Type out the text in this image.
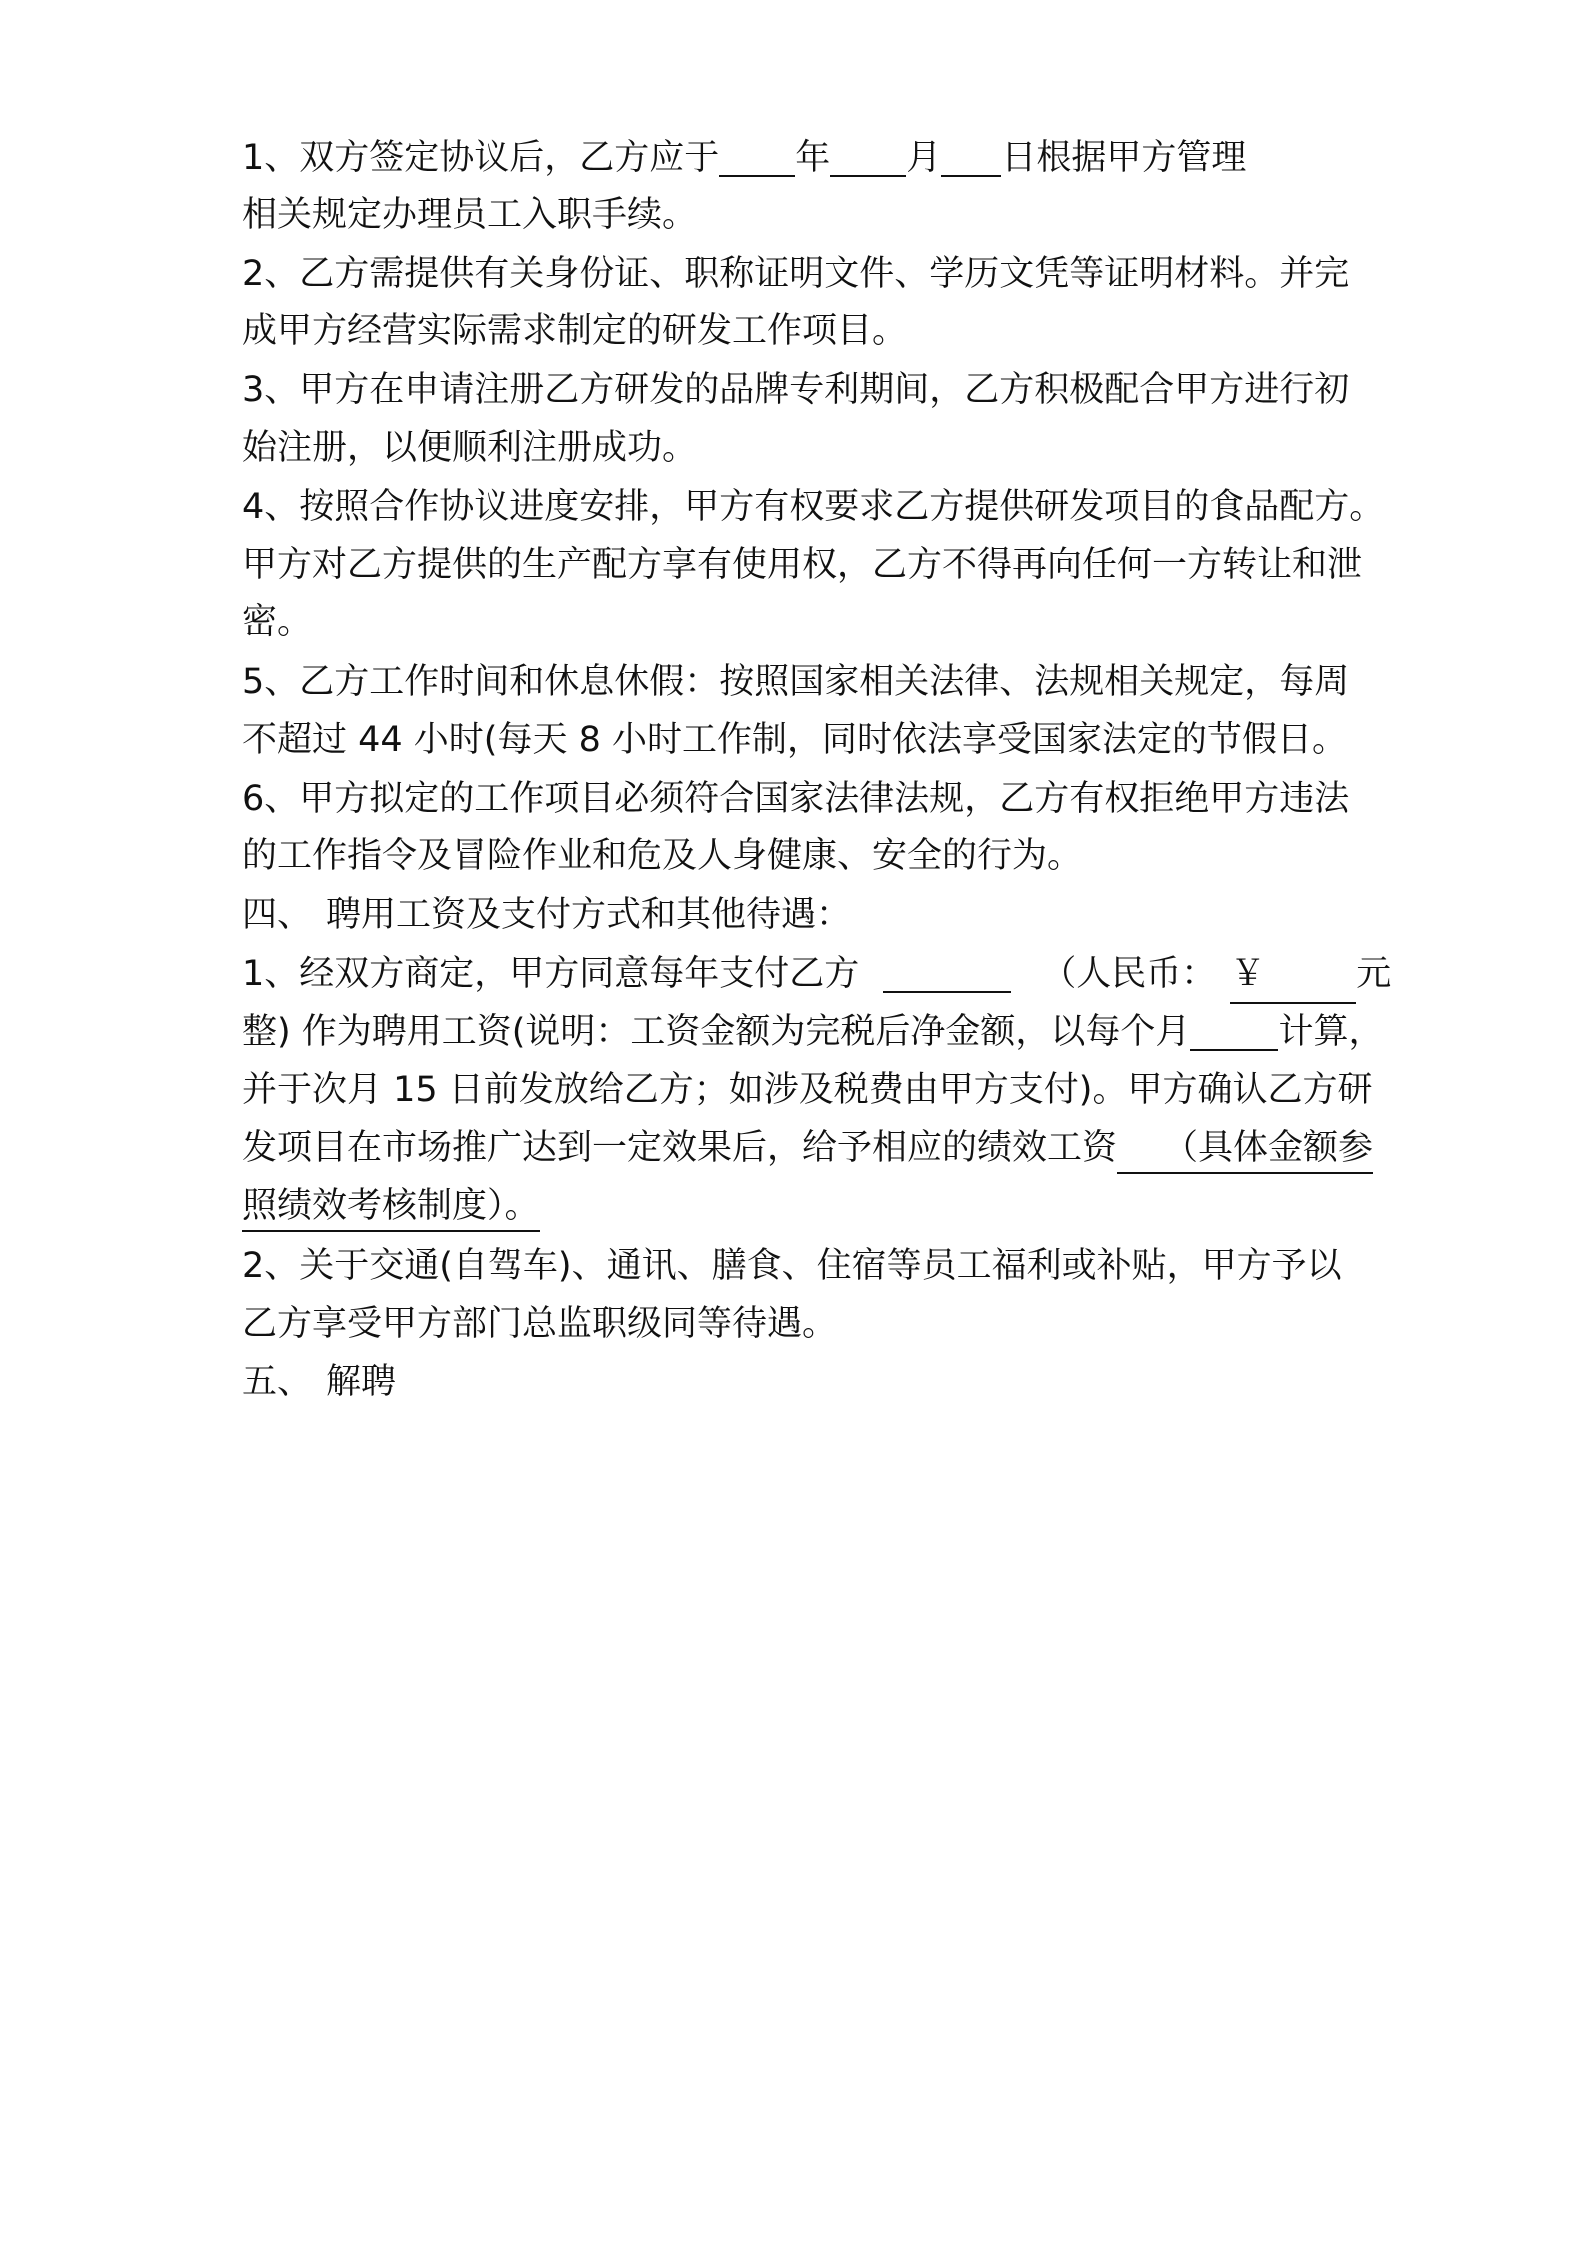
1、双方签定协议后，乙方应于 年 月 日根据甲方管理

相关规定办理员工入职手续。

2、乙方需提供有关身份证、职称证明文件、学历文凭等证明材料。并完

成甲方经营实际需求制定的研发工作项目。

3、甲方在申请注册乙方研发的品牌专利期间，乙方积极配合甲方进行初

始注册，以便顺利注册成功。

4、按照合作协议进度安排，甲方有权要求乙方提供研发项目的食品配方。

甲方对乙方提供的生产配方享有使用权，乙方不得再向任何一方转让和泄

密。

5、乙方工作时间和休息休假：按照国家相关法律、法规相关规定，每周

不超过 44 小时(每天 8 小时工作制，同时依法享受国家法定的节假日。

6、甲方拟定的工作项目必须符合国家法律法规，乙方有权拒绝甲方违法

的工作指令及冒险作业和危及人身健康、安全的行为。

四、 聘用工资及支付方式和其他待遇：

1、经双方商定，甲方同意每年支付乙方	（人民币： ￥	元

整) 作为聘用工资(说明：工资金额为完税后净金额，以每个月	计算，

并于次月 15 日前发放给乙方；如涉及税费由甲方支付)。甲方确认乙方研

发项目在市场推广达到一定效果后，给予相应的绩效工资 （具体金额参

照绩效考核制度）。

2、关于交通(自驾车)、通讯、膳食、住宿等员工福利或补贴，甲方予以

乙方享受甲方部门总监职级同等待遇。

五、 解聘
